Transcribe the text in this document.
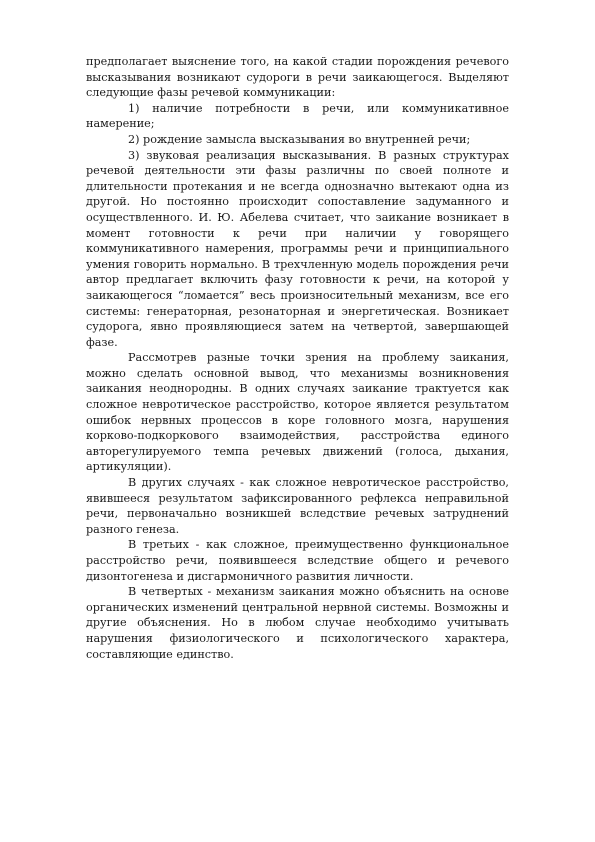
предполагает выяснение того, на какой стадии порождения речевого высказывания возникают судороги в речи заикающегося. Выделяют следующие фазы речевой коммуникации:

1) наличие потребности в речи, или коммуникативное намерение;

2) рождение замысла высказывания во внутренней речи;

3) звуковая реализация высказывания. В разных структурах речевой деятельности эти фазы различны по своей полноте и длительности протекания и не всегда однозначно вытекают одна из другой. Но постоянно происходит сопоставление задуманного и осуществленного. И. Ю. Абелева считает, что заикание возникает в момент готовности к речи при наличии у говорящего коммуникативного намерения, программы речи и принципиального умения говорить нормально. В трехчленную модель порождения речи автор предлагает включить фазу готовности к речи, на которой у заикающегося “ломается” весь произносительный механизм, все его системы: генераторная, резонаторная и энергетическая. Возникает судорога, явно проявляющиеся затем на четвертой, завершающей фазе.

Рассмотрев разные точки зрения на проблему заикания, можно сделать основной вывод, что механизмы возникновения заикания неоднородны. В одних случаях заикание трактуется как сложное невротическое расстройство, которое является результатом ошибок нервных процессов в коре головного мозга, нарушения корково-подкоркового взаимодействия, расстройства единого авторегулируемого темпа речевых движений (голоса, дыхания, артикуляции).

В других случаях - как сложное невротическое расстройство, явившееся результатом зафиксированного рефлекса неправильной речи, первоначально возникшей вследствие речевых затруднений разного генеза.

В третьих - как сложное, преимущественно функциональное расстройство речи, появившееся вследствие общего и речевого дизонтогенеза и дисгармоничного развития личности.

В четвертых - механизм заикания можно объяснить на основе органических изменений центральной нервной системы. Возможны и другие объяснения. Но в любом случае необходимо учитывать нарушения физиологического и психологического характера, составляющие единство.
